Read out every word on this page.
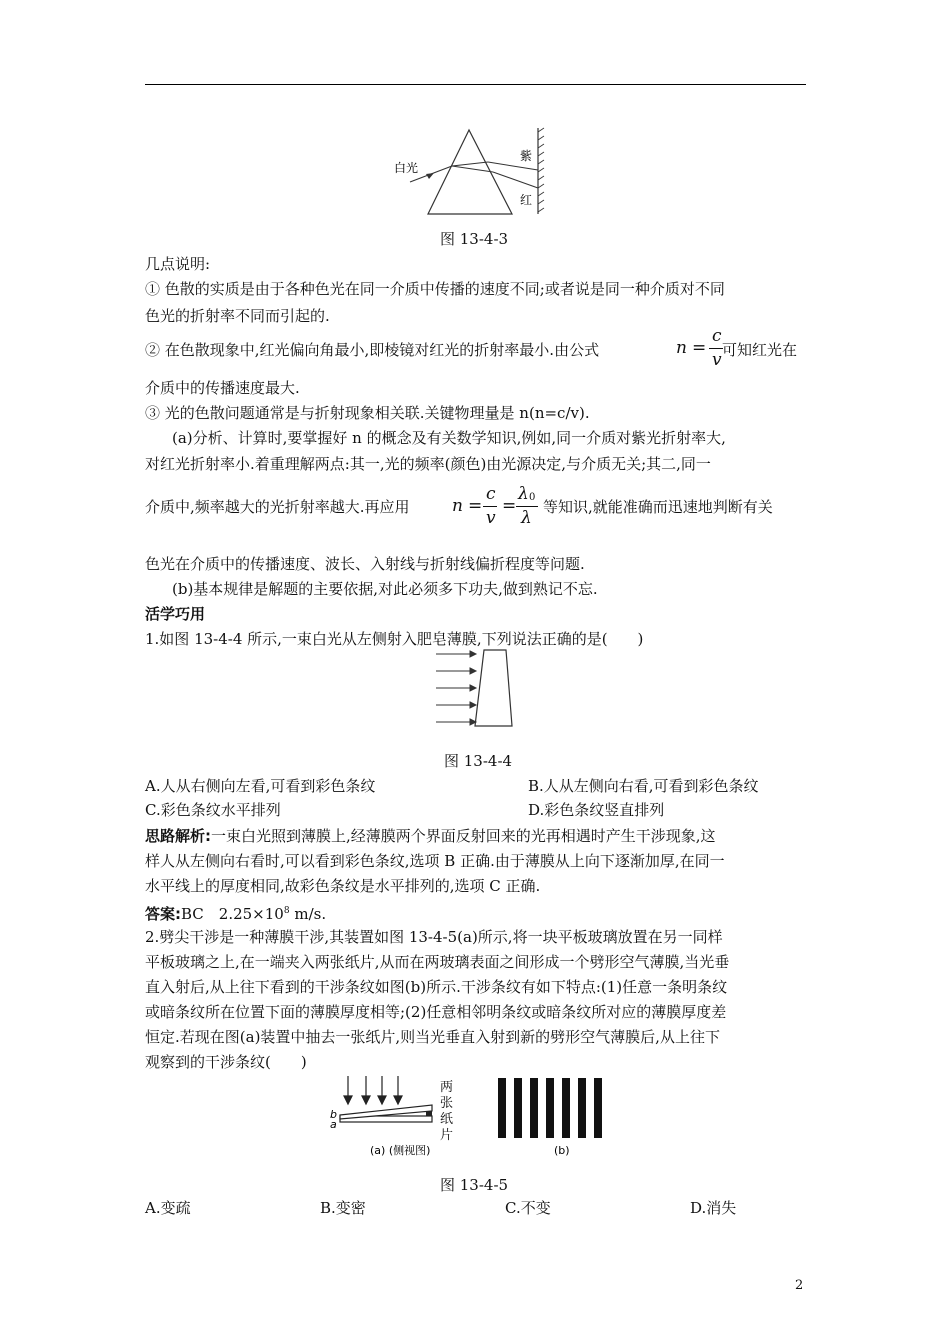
白光
紫
红
图 13-4-3
几点说明:
① 色散的实质是由于各种色光在同一介质中传播的速度不同;或者说是同一种介质对不同
色光的折射率不同而引起的.
② 在色散现象中,红光偏向角最小,即棱镜对红光的折射率最小.由公式	n =
c
v 可知红光在
介质中的传播速度最大.
③ 光的色散问题通常是与折射现象相关联.关键物理量是 n(n=c/v).
(a)分析、计算时,要掌握好 n 的概念及有关数学知识,例如,同一介质对紫光折射率大,
对红光折射率小.着重理解两点:其一,光的频率(颜色)由光源决定,与介质无关;其二,同一
介质中,频率越大的光折射率越大.再应用 n =
c
v
=
λ 0
λ
等知识,就能准确而迅速地判断有关
色光在介质中的传播速度、波长、入射线与折射线偏折程度等问题.
(b)基本规律是解题的主要依据,对此必须多下功夫,做到熟记不忘.
活学巧用
1.如图 13-4-4 所示,一束白光从左侧射入肥皂薄膜,下列说法正确的是(　　)
图 13-4-4
A.人从右侧向左看,可看到彩色条纹	B.人从左侧向右看,可看到彩色条纹
C.彩色条纹水平排列	D.彩色条纹竖直排列
思路解析:一束白光照到薄膜上,经薄膜两个界面反射回来的光再相遇时产生干涉现象,这
样人从左侧向右看时,可以看到彩色条纹,选项 B 正确.由于薄膜从上向下逐渐加厚,在同一
水平线上的厚度相同,故彩色条纹是水平排列的,选项 C 正确.
答案:BC　$2.25\times 10^8$ m/s.
2.劈尖干涉是一种薄膜干涉,其装置如图 13-4-5(a)所示,将一块平板玻璃放置在另一同样
平板玻璃之上,在一端夹入两张纸片,从而在两玻璃表面之间形成一个劈形空气薄膜,当光垂
直入射后,从上往下看到的干涉条纹如图(b)所示.干涉条纹有如下特点:(1)任意一条明条纹
或暗条纹所在位置下面的薄膜厚度相等;(2)任意相邻明条纹或暗条纹所对应的薄膜厚度差
恒定.若现在图(a)装置中抽去一张纸片,则当光垂直入射到新的劈形空气薄膜后,从上往下
观察到的干涉条纹(　　)
b
a
(a) (侧视图)
两张纸片
(b)
图 13-4-5
A.变疏	B.变密	C.不变	D.消失
2
